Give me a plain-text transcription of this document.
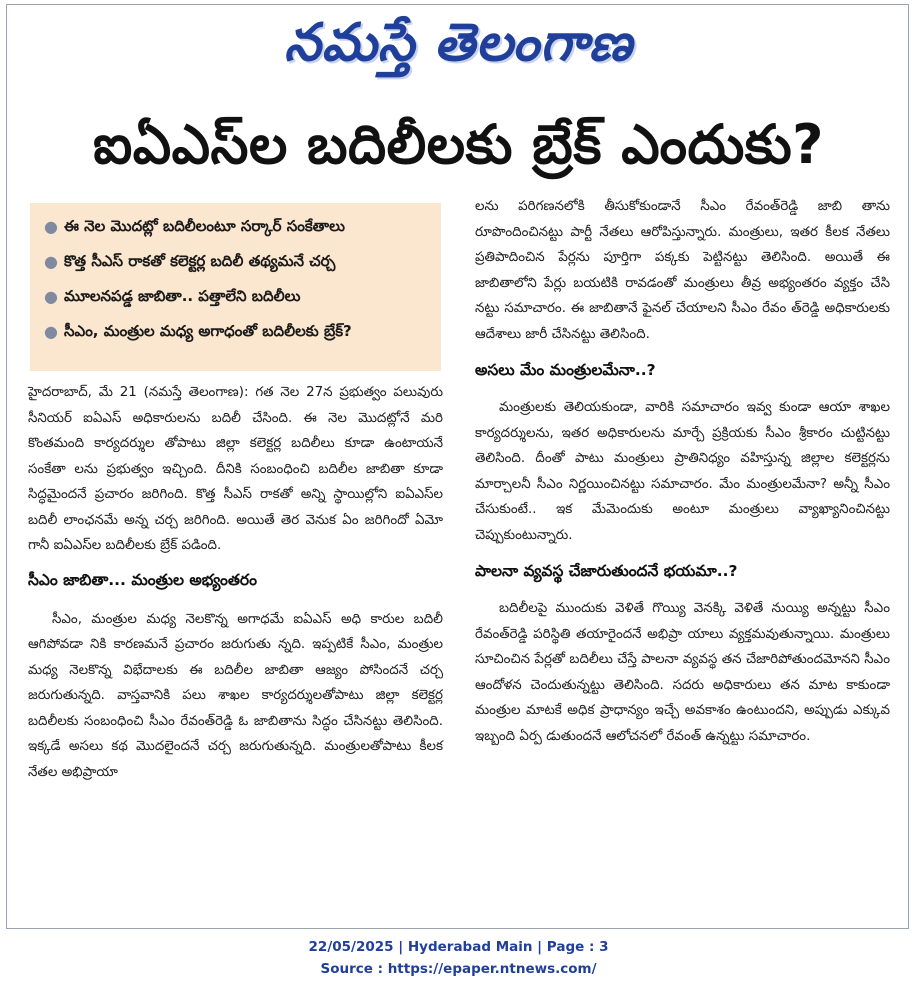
నమస్తే తెలంగాణ
ఐఏఎస్‌ల బదిలీలకు బ్రేక్‌ ఎందుకు?
● ఈ నెల మొదట్లో బదిలీలంటూ సర్కార్‌ సంకేతాలు
● కొత్త సీఎస్‌ రాకతో కలెక్టర్ల బదిలీ తథ్యమనే చర్చ
● మూలనపడ్డ జాబితా.. పత్తాలేని బదిలీలు
● సీఎం, మంత్రుల మధ్య అగాధంతో బదిలీలకు బ్రేక్‌?

హైదరాబాద్‌, మే 21 (నమస్తే తెలంగాణ): గత నెల 27న ప్రభుత్వం పలువురు సీనియర్‌ ఐఏఎస్‌ అధికారులను బదిలీ చేసింది. ఈ నెల మొదట్లోనే మరి కొంతమంది కార్యదర్శుల తోపాటు జిల్లా కలెక్టర్ల బదిలీలు కూడా ఉంటాయనే సంకేతా లను ప్రభుత్వం ఇచ్చింది. దీనికి సంబంధించి బదిలీల జాబితా కూడా సిద్ధమైందనే ప్రచారం జరిగింది. కొత్త సీఎస్‌ రాకతో అన్ని స్థాయిల్లోని ఐఏఎస్‌ల బదిలీ లాంఛనమే అన్న చర్చ జరిగింది. అయితే తెర వెనుక ఏం జరిగిందో ఏమో గానీ ఐఏఎస్‌ల బదిలీలకు బ్రేక్‌ పడింది.

సీఎం జాబితా... మంత్రుల అభ్యంతరం

సీఎం, మంత్రుల మధ్య నెలకొన్న అగాధమే ఐఏఎస్‌ అధి కారుల బదిలీ ఆగిపోవడా నికి కారణమనే ప్రచారం జరుగుతు న్నది. ఇప్పటికే సీఎం, మంత్రుల మధ్య నెలకొన్న విభేదాలకు ఈ బదిలీల జాబితా ఆజ్యం పోసిందనే చర్చ జరుగుతున్నది. వాస్తవానికి పలు శాఖల కార్యదర్శులతోపాటు జిల్లా కలెక్టర్ల బదిలీలకు సంబంధించి సీఎం రేవంత్‌రెడ్డి ఓ జాబితాను సిద్ధం చేసినట్టు తెలిసింది. ఇక్కడే అసలు కథ మొదలైందనే చర్చ జరుగుతున్నది. మంత్రులతోపాటు కీలక నేతల అభిప్రాయా

లను పరిగణనలోకి తీసుకోకుండానే సీఎం రేవంత్‌రెడ్డి జాబి తాను రూపొందించినట్టు పార్టీ నేతలు ఆరోపిస్తున్నారు. మంత్రులు, ఇతర కీలక నేతలు ప్రతిపాదించిన పేర్లను పూర్తిగా పక్కకు పెట్టినట్టు తెలిసింది. అయితే ఈ జాబితాలోని పేర్లు బయటికి రావడంతో మంత్రులు తీవ్ర అభ్యంతరం వ్యక్తం చేసి నట్టు సమాచారం. ఈ జాబితానే ఫైనల్‌ చేయాలని సీఎం రేవం త్‌రెడ్డి అధికారులకు ఆదేశాలు జారీ చేసినట్టు తెలిసింది.

అసలు మేం మంత్రులమేనా..?

మంత్రులకు తెలియకుండా, వారికి సమాచారం ఇవ్వ కుండా ఆయా శాఖల కార్యదర్శులను, ఇతర అధికారులను మార్చే ప్రక్రియకు సీఎం శ్రీకారం చుట్టినట్టు తెలిసింది. దీంతో పాటు మంత్రులు ప్రాతినిధ్యం వహిస్తున్న జిల్లాల కలెక్టర్లను మార్చాలనీ సీఎం నిర్ణయించినట్టు సమాచారం. మేం మంత్రులమేనా? అన్నీ సీఎం చేసుకుంటే.. ఇక మేమెందుకు అంటూ మంత్రులు వ్యాఖ్యానించినట్టు చెప్పుకుంటున్నారు.

పాలనా వ్యవస్థ చేజారుతుందనే భయమా..?

బదిలీలపై ముందుకు వెళితే గొయ్యి వెనక్కి వెళితే నుయ్యి అన్నట్టు సీఎం రేవంత్‌రెడ్డి పరిస్థితి తయారైందనే అభిప్రా యాలు వ్యక్తమవుతున్నాయి. మంత్రులు సూచించిన పేర్లతో బదిలీలు చేస్తే పాలనా వ్యవస్థ తన చేజారిపోతుందమోనని సీఎం ఆందోళన చెందుతున్నట్టు తెలిసింది. సదరు అధికారులు తన మాట కాకుండా మంత్రుల మాటకే అధిక ప్రాధాన్యం ఇచ్చే అవకాశం ఉంటుందని, అప్పుడు ఎక్కువ ఇబ్బంది ఏర్ప డుతుందనే ఆలోచనలో రేవంత్‌ ఉన్నట్టు సమాచారం.

22/05/2025 | Hyderabad Main | Page : 3
Source : https://epaper.ntnews.com/
